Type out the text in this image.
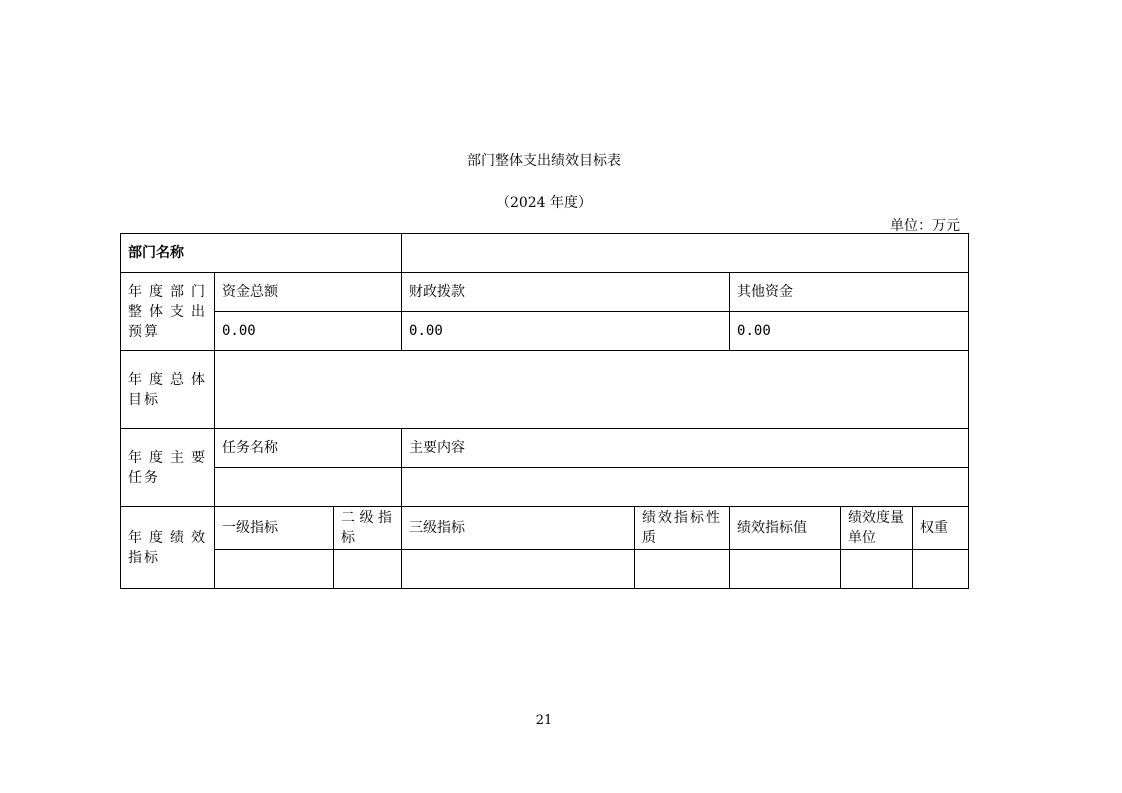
部门整体支出绩效目标表
（2024 年度）
单位：万元
部门名称							
年度部门整体支出预算	资金总额		财政拨款		其他资金		
	0.00		0.00		0.00		
年度总体目标							
年度主要任务	任务名称		主要内容				

年度绩效指标	一级指标	二级指标	三级指标	绩效指标性质	绩效指标值	绩效度量单位	权重

21
